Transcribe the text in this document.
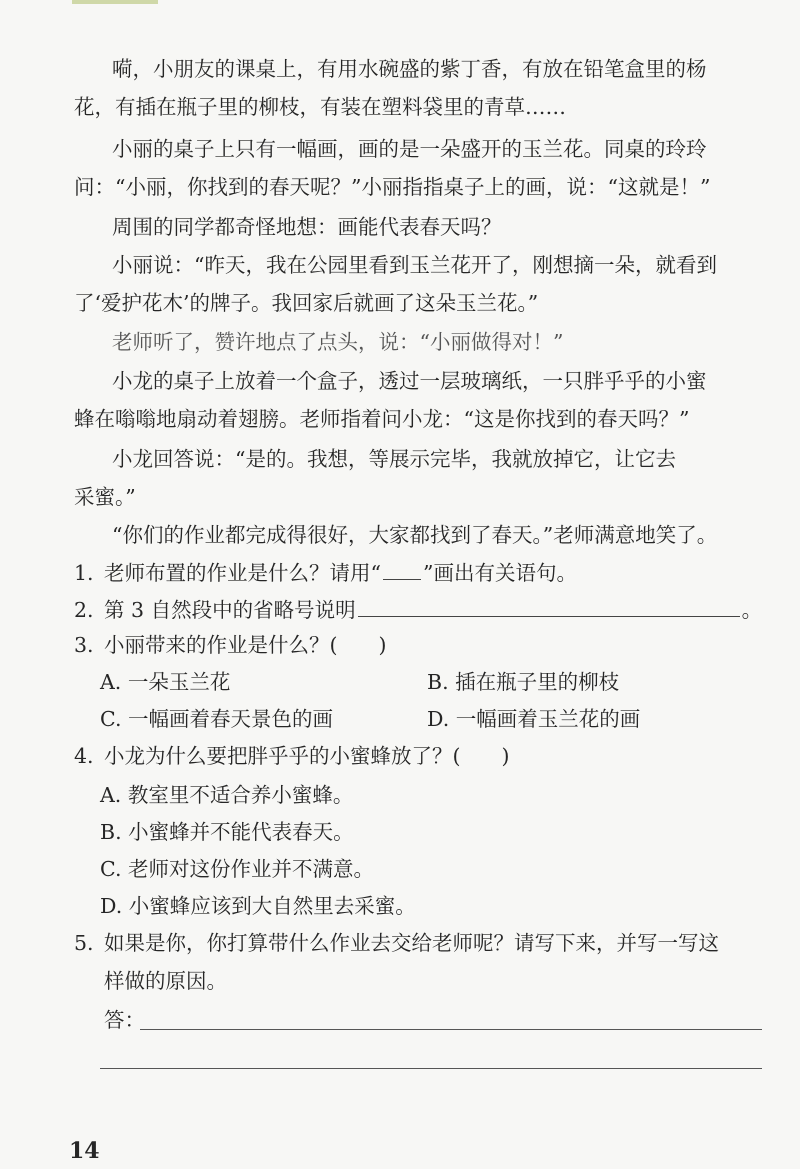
嗬，小朋友的课桌上，有用水碗盛的紫丁香，有放在铅笔盒里的杨
花，有插在瓶子里的柳枝，有装在塑料袋里的青草……
小丽的桌子上只有一幅画，画的是一朵盛开的玉兰花。同桌的玲玲
问：“小丽，你找到的春天呢？”小丽指指桌子上的画，说：“这就是！”
周围的同学都奇怪地想：画能代表春天吗？
小丽说：“昨天，我在公园里看到玉兰花开了，刚想摘一朵，就看到
了‘爱护花木’的牌子。我回家后就画了这朵玉兰花。”
老师听了，赞许地点了点头，说：“小丽做得对！”
小龙的桌子上放着一个盒子，透过一层玻璃纸，一只胖乎乎的小蜜
蜂在嗡嗡地扇动着翅膀。老师指着问小龙：“这是你找到的春天吗？”
小龙回答说：“是的。我想，等展示完毕，我就放掉它，让它去
采蜜。”
“你们的作业都完成得很好，大家都找到了春天。”老师满意地笑了。
1. 老师布置的作业是什么？请用“ ”画出有关语句。
2. 第 3 自然段中的省略号说明	。
3. 小丽带来的作业是什么？(　　)
A. 一朵玉兰花	B. 插在瓶子里的柳枝
C. 一幅画着春天景色的画	D. 一幅画着玉兰花的画
4. 小龙为什么要把胖乎乎的小蜜蜂放了？(　　)
A. 教室里不适合养小蜜蜂。
B. 小蜜蜂并不能代表春天。
C. 老师对这份作业并不满意。
D. 小蜜蜂应该到大自然里去采蜜。
5. 如果是你，你打算带什么作业去交给老师呢？请写下来，并写一写这
样做的原因。
答：
14
